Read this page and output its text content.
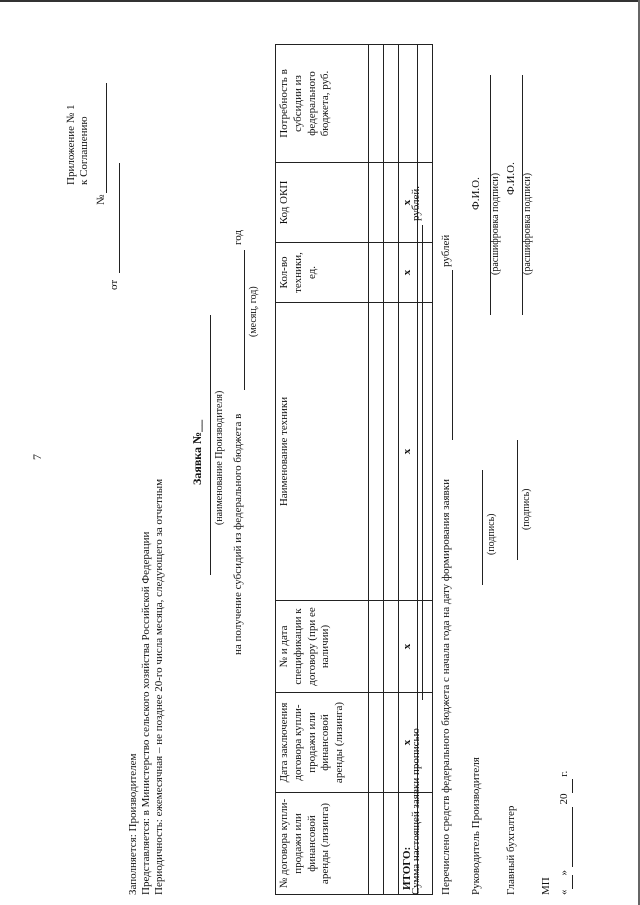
7
Приложение № 1 к Соглашению
№
от
Заполняется: Производителем Представляется: в Министерство сельского хозяйства Российской Федерации Периодичность: ежемесячная – не позднее 20-го числа месяца, следующего за отчетным
Заявка №__ (наименование Производителя) на получение субсидий из федерального бюджета в
год
(месяц, год)
№ договора купли-продажи или финансовой аренды (лизинга)	Дата заключения договора купли-продажи или финансовой аренды (лизинга)	№ и дата спецификации к договору (при ее наличии)	Наименование техники	Кол-во техники, ед.	Код ОКП	Потребность в субсидии из федерального бюджета, руб.

ИТОГО:	х	х	х	х	х	

Сумма настоящей заявки прописью
рублей.
Перечислено средств федерального бюджета с начала года на дату формирования заявки
рублей
Руководитель Производителя
(подпись)
Ф.И.О. (расшифровка подписи)
Главный бухгалтер
(подпись)
Ф.И.О. (расшифровка подписи)
МП « »   20  г.
